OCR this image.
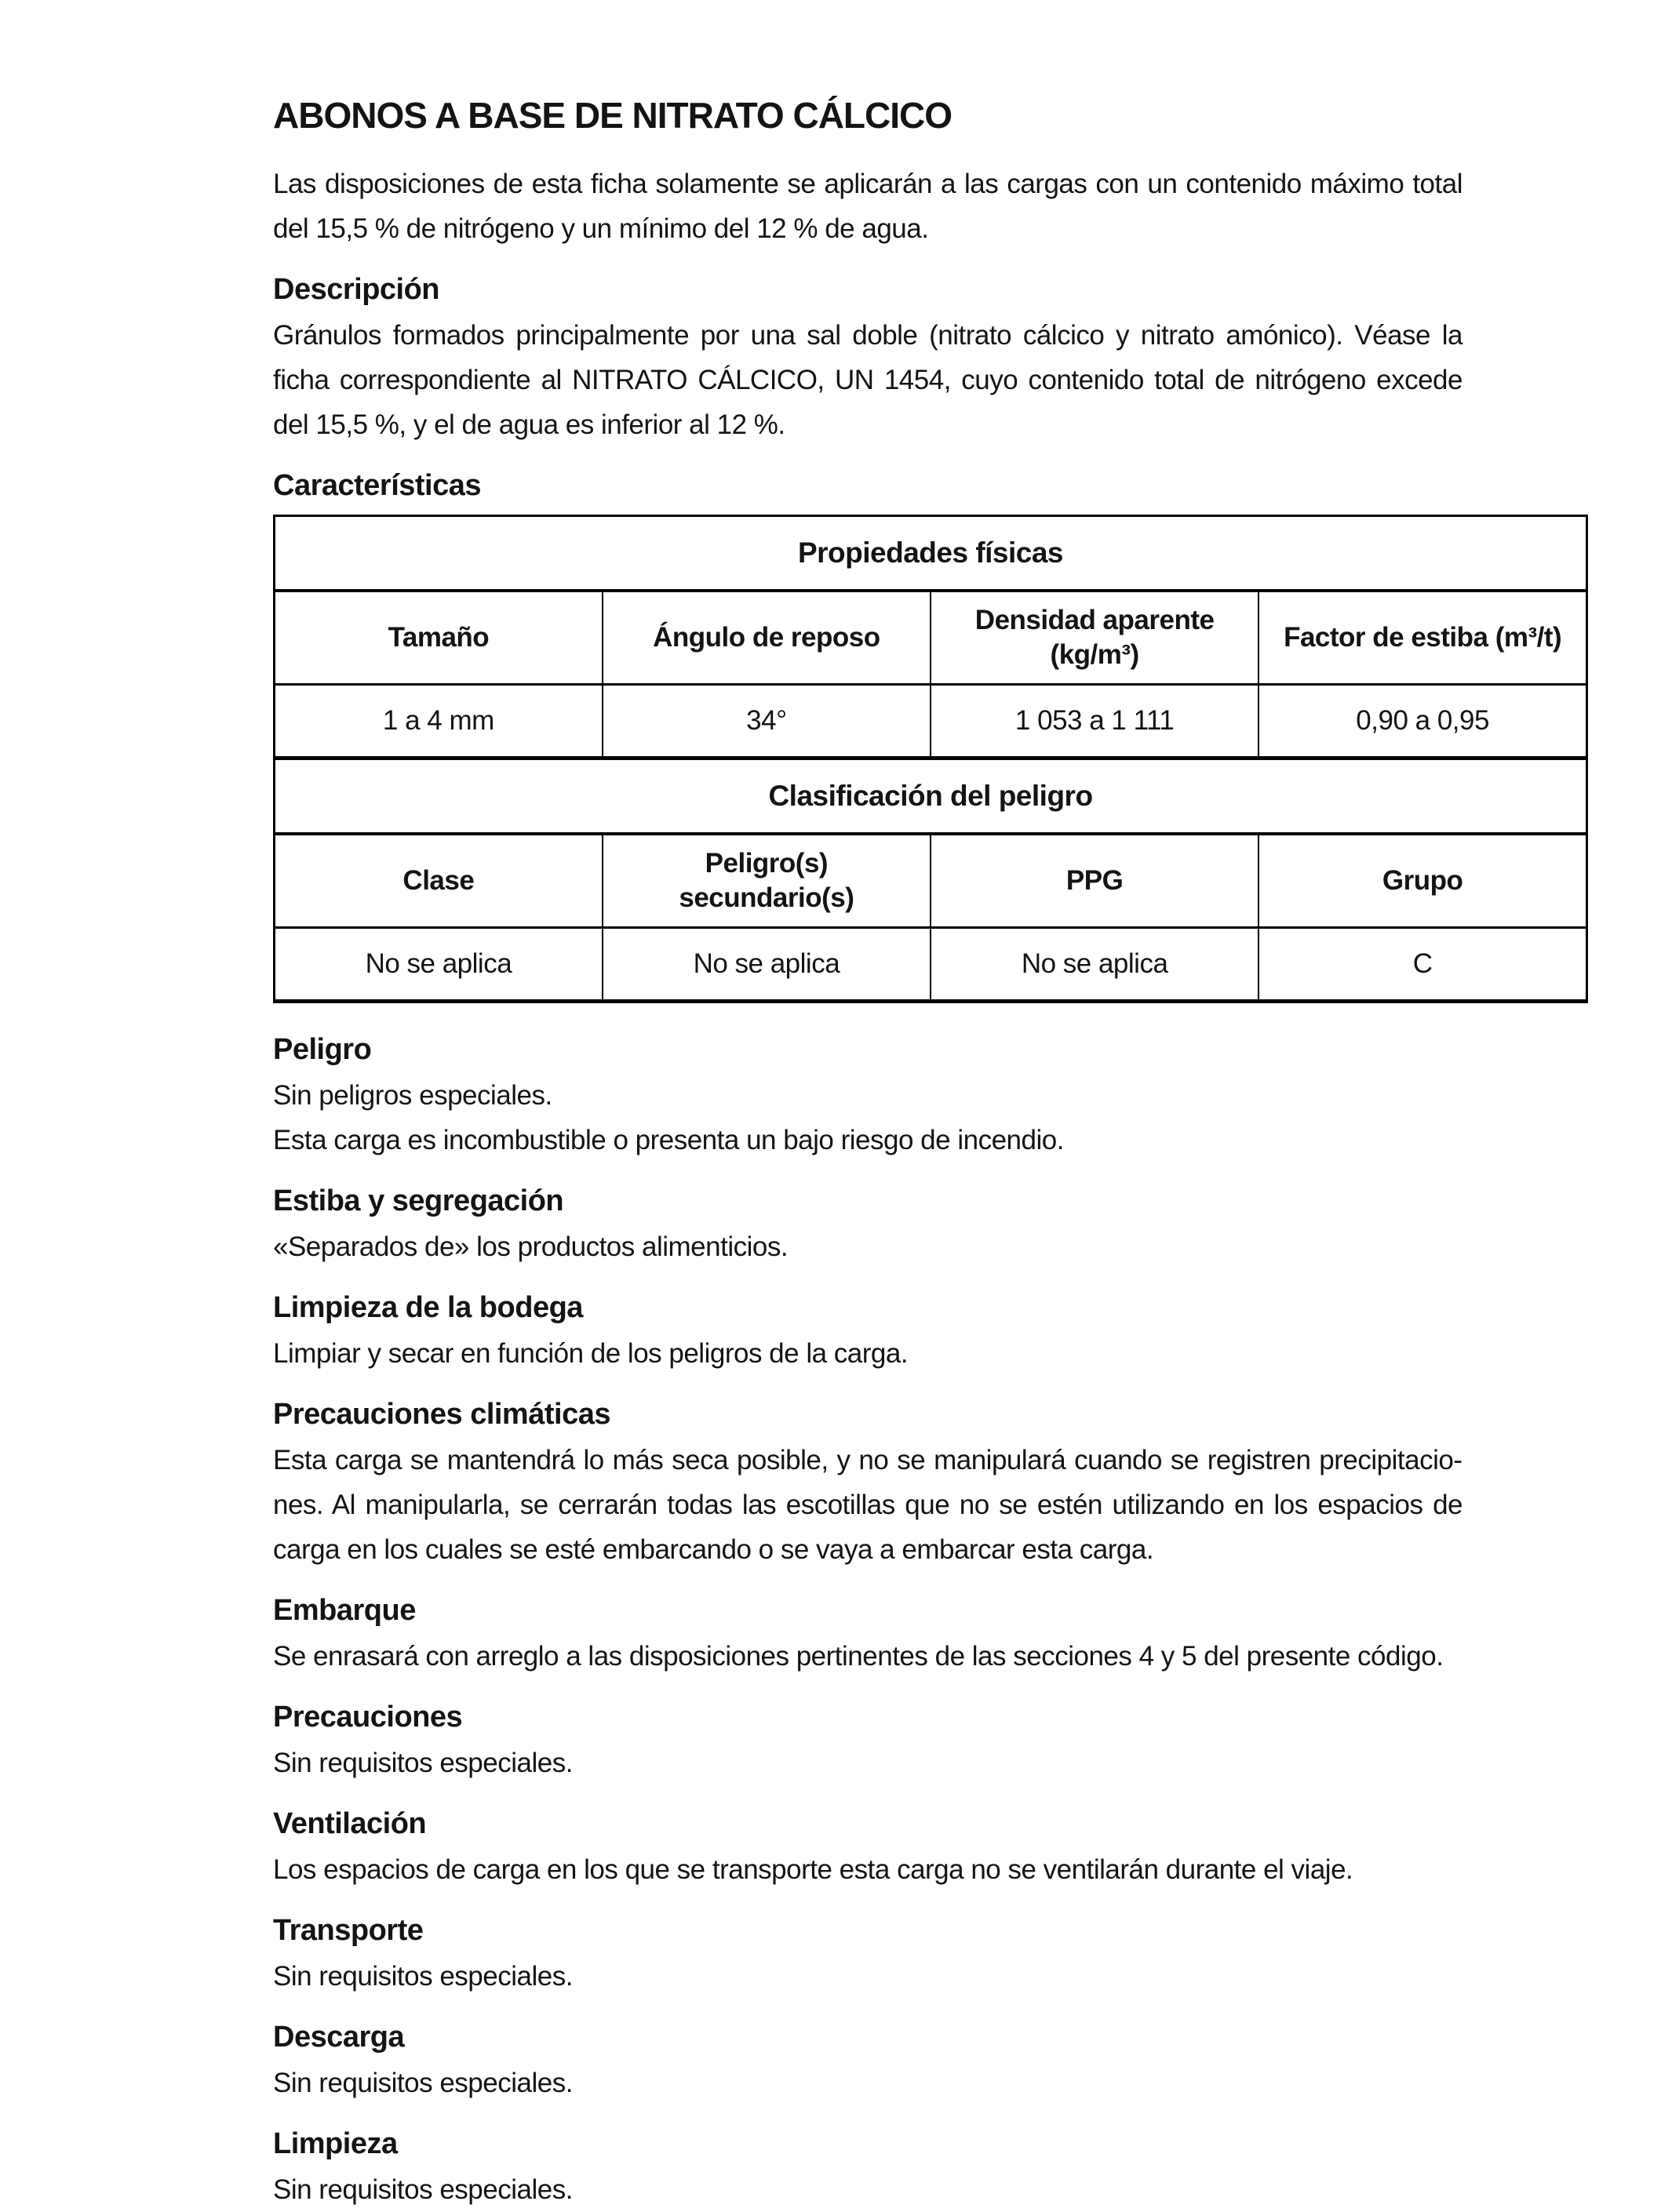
ABONOS A BASE DE NITRATO CÁLCICO

Las disposiciones de esta ficha solamente se aplicarán a las cargas con un contenido máximo total del 15,5 % de nitrógeno y un mínimo del 12 % de agua.

Descripción

Gránulos formados principalmente por una sal doble (nitrato cálcico y nitrato amónico). Véase la ficha correspondiente al NITRATO CÁLCICO, UN 1454, cuyo contenido total de nitrógeno excede del 15,5 %, y el de agua es inferior al 12 %.

Características
Propiedades físicas			
Tamaño	Ángulo de reposo	Densidad aparente (kg/m³)	Factor de estiba (m³/t)
1 a 4 mm	34°	1 053 a 1 111	0,90 a 0,95
Clasificación del peligro			
Clase	Peligro(s) secundario(s)	PPG	Grupo
No se aplica	No se aplica	No se aplica	C
Peligro

Sin peligros especiales.

Esta carga es incombustible o presenta un bajo riesgo de incendio.

Estiba y segregación

«Separados de» los productos alimenticios.

Limpieza de la bodega

Limpiar y secar en función de los peligros de la carga.

Precauciones climáticas

Esta carga se mantendrá lo más seca posible, y no se manipulará cuando se registren precipitaciones. Al manipularla, se cerrarán todas las escotillas que no se estén utilizando en los espacios de carga en los cuales se esté embarcando o se vaya a embarcar esta carga.

Embarque

Se enrasará con arreglo a las disposiciones pertinentes de las secciones 4 y 5 del presente código.

Precauciones

Sin requisitos especiales.

Ventilación

Los espacios de carga en los que se transporte esta carga no se ventilarán durante el viaje.

Transporte

Sin requisitos especiales.

Descarga

Sin requisitos especiales.

Limpieza

Sin requisitos especiales.
